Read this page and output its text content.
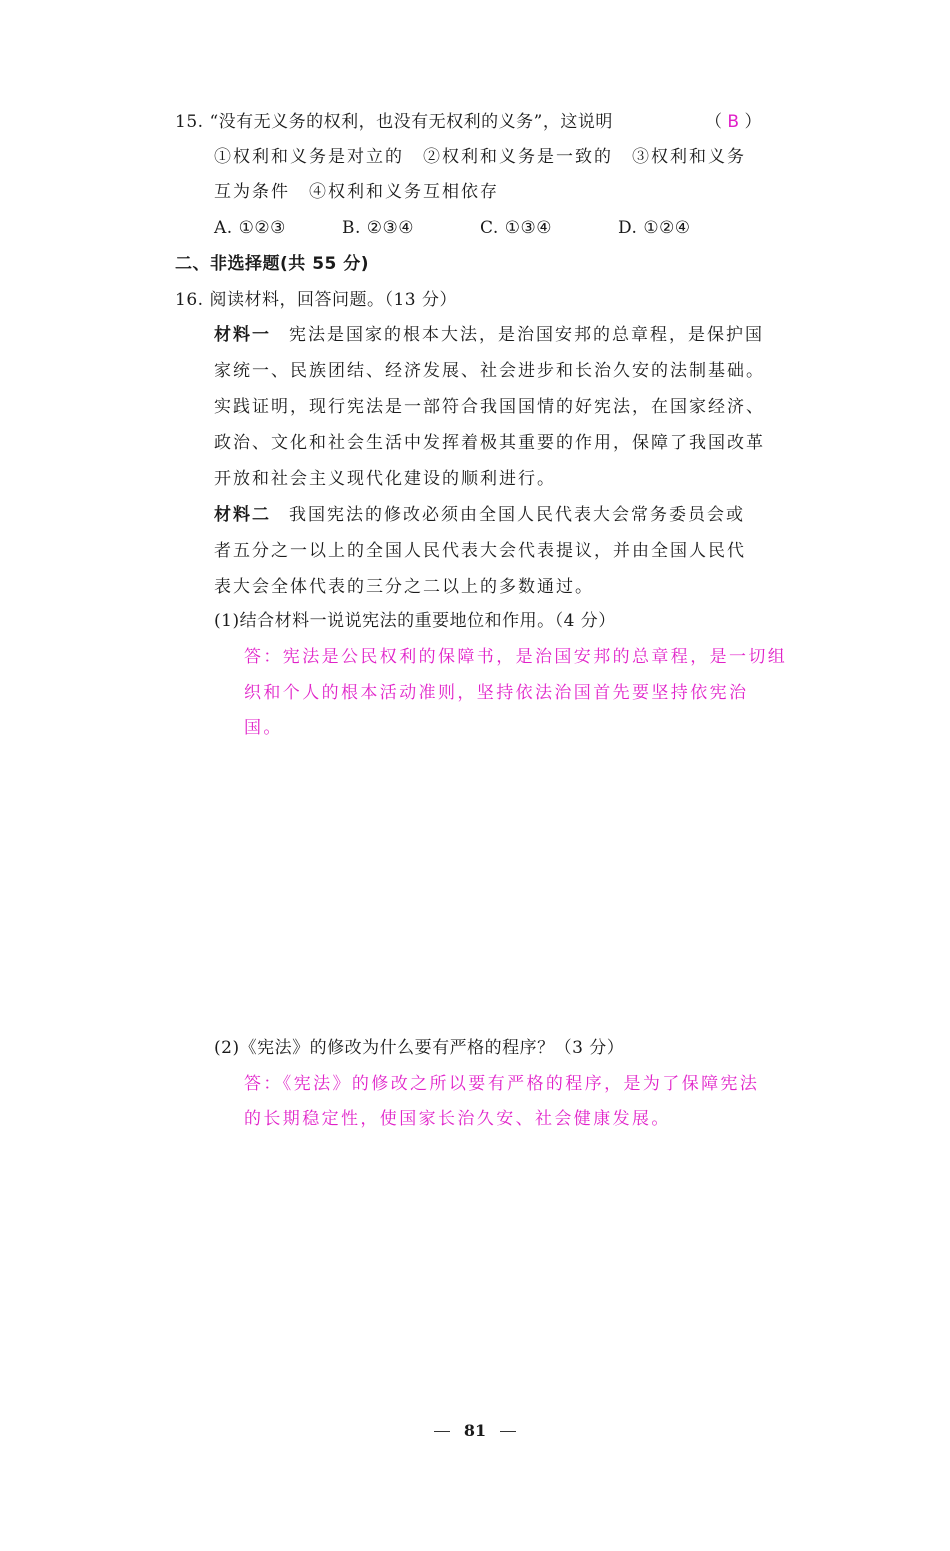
15. “没有无义务的权利，也没有无权利的义务”，这说明	（ B ）
①权利和义务是对立的　②权利和义务是一致的　③权利和义务
互为条件　④权利和义务互相依存
A. ①②③	B. ②③④	C. ①③④	D. ①②④
二、非选择题(共 55 分)
16. 阅读材料，回答问题。（13 分）
材料一 宪法是国家的根本大法，是治国安邦的总章程，是保护国
家统一、民族团结、经济发展、社会进步和长治久安的法制基础。
实践证明，现行宪法是一部符合我国国情的好宪法，在国家经济、
政治、文化和社会生活中发挥着极其重要的作用，保障了我国改革
开放和社会主义现代化建设的顺利进行。
材料二 我国宪法的修改必须由全国人民代表大会常务委员会或
者五分之一以上的全国人民代表大会代表提议，并由全国人民代
表大会全体代表的三分之二以上的多数通过。
(1)结合材料一说说宪法的重要地位和作用。（4 分）
答：宪法是公民权利的保障书，是治国安邦的总章程，是一切组
织和个人的根本活动准则，坚持依法治国首先要坚持依宪治
国。
(2)《宪法》的修改为什么要有严格的程序？（3 分）
答：《宪法》的修改之所以要有严格的程序，是为了保障宪法
的长期稳定性，使国家长治久安、社会健康发展。
81
